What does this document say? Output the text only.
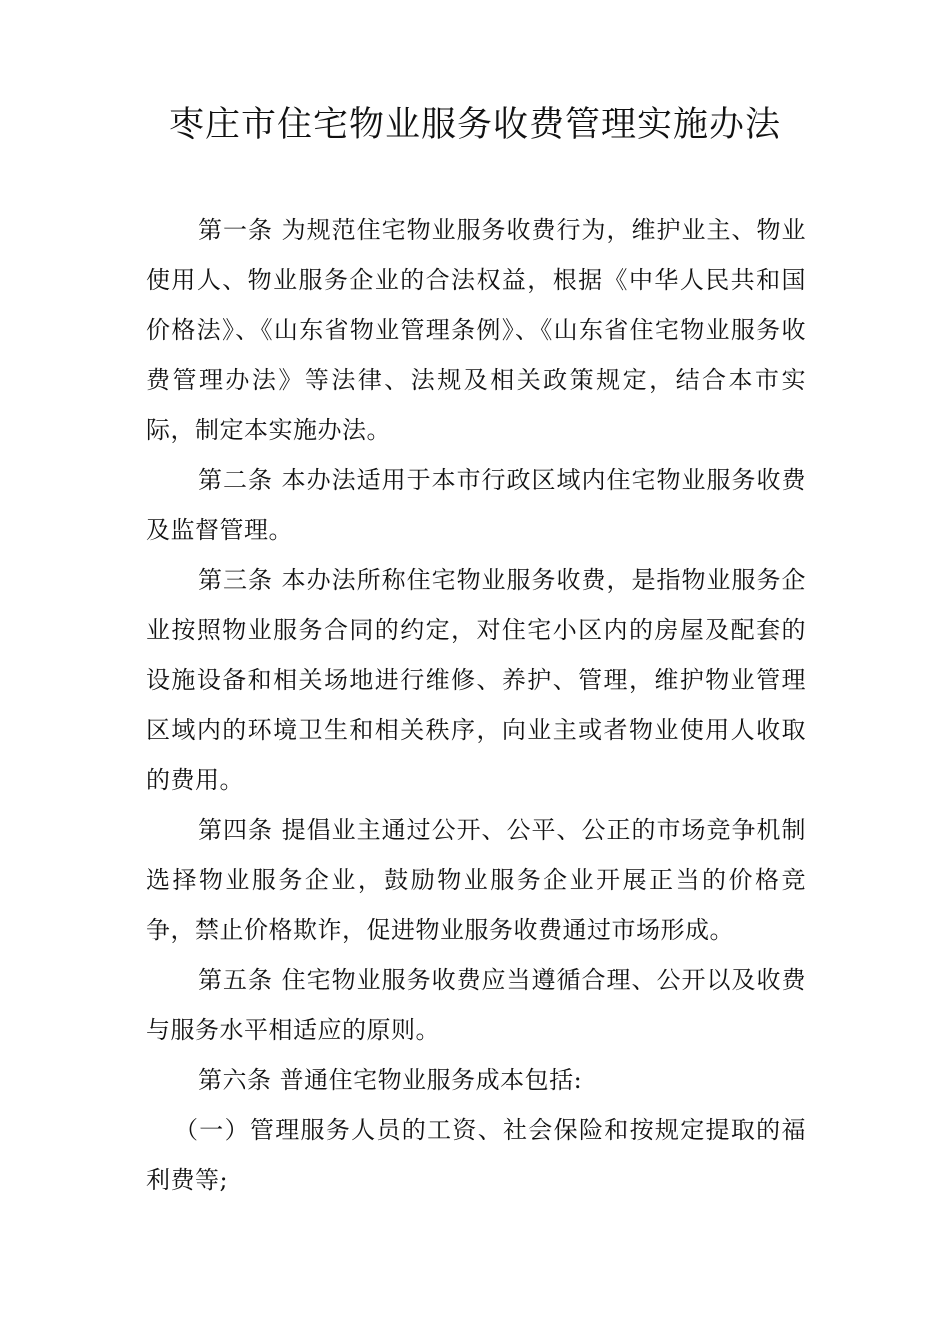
枣庄市住宅物业服务收费管理实施办法

第一条 为规范住宅物业服务收费行为，维护业主、物业使用人、物业服务企业的合法权益，根据《中华人民共和国价格法》、《山东省物业管理条例》、《山东省住宅物业服务收费管理办法》等法律、法规及相关政策规定，结合本市实际，制定本实施办法。

第二条 本办法适用于本市行政区域内住宅物业服务收费及监督管理。

第三条 本办法所称住宅物业服务收费，是指物业服务企业按照物业服务合同的约定，对住宅小区内的房屋及配套的设施设备和相关场地进行维修、养护、管理，维护物业管理区域内的环境卫生和相关秩序，向业主或者物业使用人收取的费用。

第四条 提倡业主通过公开、公平、公正的市场竞争机制选择物业服务企业，鼓励物业服务企业开展正当的价格竞争，禁止价格欺诈，促进物业服务收费通过市场形成。

第五条 住宅物业服务收费应当遵循合理、公开以及收费与服务水平相适应的原则。

第六条 普通住宅物业服务成本包括:

（一）管理服务人员的工资、社会保险和按规定提取的福利费等;
